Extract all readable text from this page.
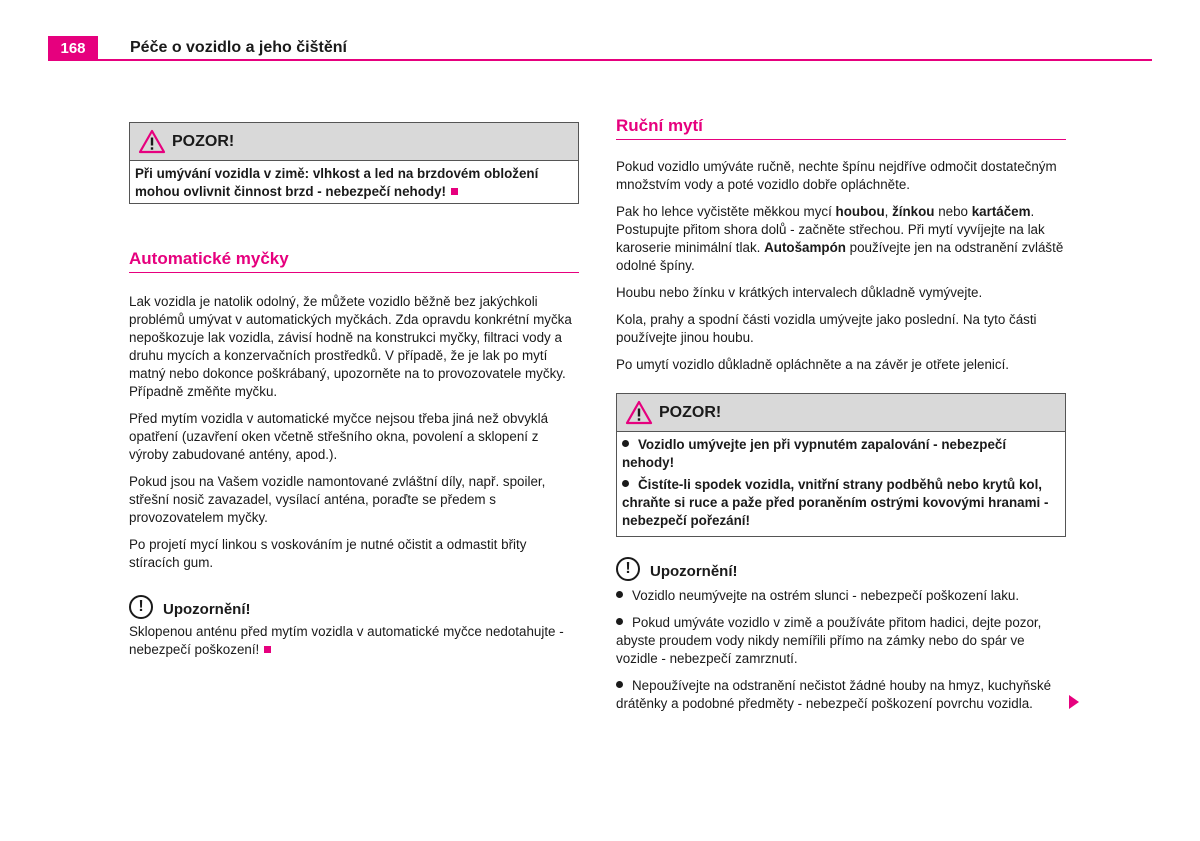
168	Péče o vozidlo a jeho čištění
POZOR!
Při umývání vozidla v zimě: vlhkost a led na brzdovém obložení mohou ovlivnit činnost brzd - nebezpečí nehody!
Automatické myčky

Lak vozidla je natolik odolný, že můžete vozidlo běžně bez jakýchkoli problémů umývat v automatických myčkách. Zda opravdu konkrétní myčka nepoškozuje lak vozidla, závisí hodně na konstrukci myčky, filtraci vody a druhu mycích a konzervačních prostředků. V případě, že je lak po mytí matný nebo dokonce poškrábaný, upozorněte na to provozovatele myčky. Případně změňte myčku.

Před mytím vozidla v automatické myčce nejsou třeba jiná než obvyklá opatření (uzavření oken včetně střešního okna, povolení a sklopení z výroby zabudované antény, apod.).

Pokud jsou na Vašem vozidle namontované zvláštní díly, např. spoiler, střešní nosič zavazadel, vysílací anténa, poraďte se předem s provozovatelem myčky.

Po projetí mycí linkou s voskováním je nutné očistit a odmastit břity stíracích gum.

!	Upozornění!

Sklopenou anténu před mytím vozidla v automatické myčce nedotahujte - nebezpečí poškození!

Ruční mytí

Pokud vozidlo umýváte ručně, nechte špínu nejdříve odmočit dostatečným množstvím vody a poté vozidlo dobře opláchněte.

Pak ho lehce vyčistěte měkkou mycí houbou, žínkou nebo kartáčem. Postupujte přitom shora dolů - začněte střechou. Při mytí vyvíjejte na lak karoserie minimální tlak. Autošampón používejte jen na odstranění zvláště odolné špíny.

Houbu nebo žínku v krátkých intervalech důkladně vymývejte.

Kola, prahy a spodní části vozidla umývejte jako poslední. Na tyto části používejte jinou houbu.

Po umytí vozidlo důkladně opláchněte a na závěr je otřete jelenicí.

POZOR!
Vozidlo umývejte jen při vypnutém zapalování - nebezpečí nehody!
Čistíte-li spodek vozidla, vnitřní strany podběhů nebo krytů kol, chraňte si ruce a paže před poraněním ostrými kovovými hranami - nebezpečí pořezání!
!	Upozornění!

Vozidlo neumývejte na ostrém slunci - nebezpečí poškození laku.

Pokud umýváte vozidlo v zimě a používáte přitom hadici, dejte pozor, abyste proudem vody nikdy nemířili přímo na zámky nebo do spár ve vozidle - nebezpečí zamrznutí.

Nepoužívejte na odstranění nečistot žádné houby na hmyz, kuchyňské drátěnky a podobné předměty - nebezpečí poškození povrchu vozidla.
